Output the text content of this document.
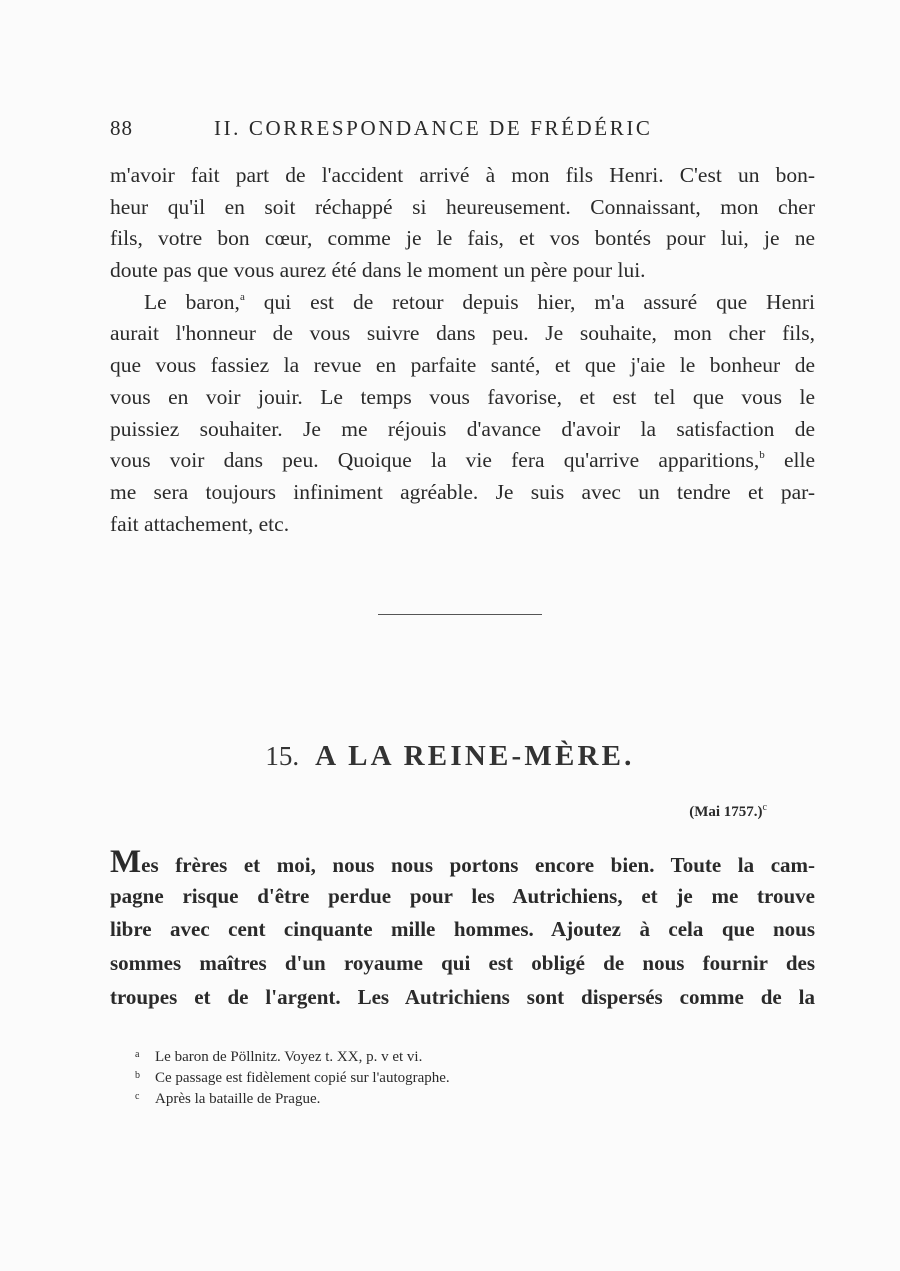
88	II. CORRESPONDANCE DE FRÉDÉRIC
m'avoir fait part de l'accident arrivé à mon fils Henri. C'est un bon-
heur qu'il en soit réchappé si heureusement. Connaissant, mon cher
fils, votre bon cœur, comme je le fais, et vos bontés pour lui, je ne
doute pas que vous aurez été dans le moment un père pour lui.
Le baron,$^a$ qui est de retour depuis hier, m'a assuré que Henri
aurait l'honneur de vous suivre dans peu. Je souhaite, mon cher fils,
que vous fassiez la revue en parfaite santé, et que j'aie le bonheur de
vous en voir jouir. Le temps vous favorise, et est tel que vous le
puissiez souhaiter. Je me réjouis d'avance d'avoir la satisfaction de
vous voir dans peu. Quoique la vie fera qu'arrive apparitions,$^b$ elle
me sera toujours infiniment agréable. Je suis avec un tendre et par-
fait attachement, etc.
15. A LA REINE-MÈRE.
(Mai 1757.)$^c$
Mes frères et moi, nous nous portons encore bien. Toute la cam-
pagne risque d'être perdue pour les Autrichiens, et je me trouve
libre avec cent cinquante mille hommes. Ajoutez à cela que nous
sommes maîtres d'un royaume qui est obligé de nous fournir des
troupes et de l'argent. Les Autrichiens sont dispersés comme de la
a Le baron de Pöllnitz. Voyez t. XX, p. v et vi.
b Ce passage est fidèlement copié sur l'autographe.
c Après la bataille de Prague.
